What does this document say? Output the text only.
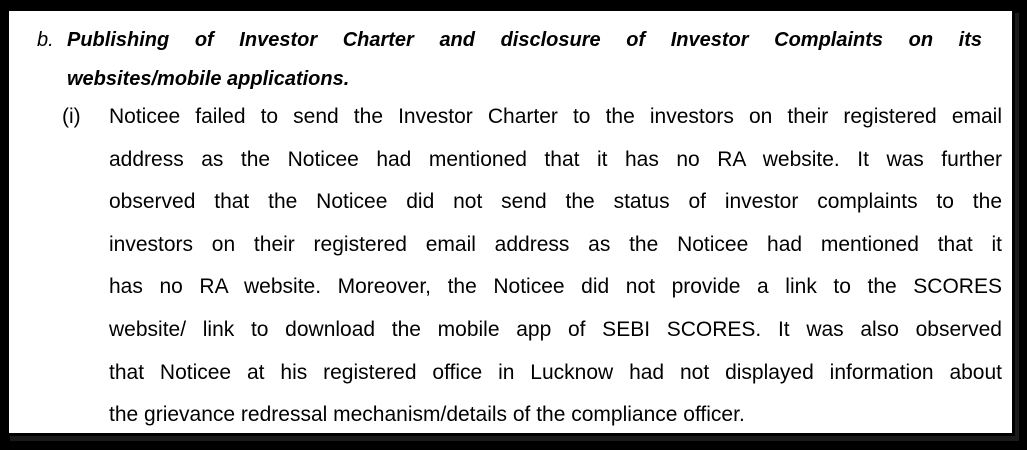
b. Publishing of Investor Charter and disclosure of Investor Complaints on its
websites/mobile applications.
(i) Noticee failed to send the Investor Charter to the investors on their registered email
address as the Noticee had mentioned that it has no RA website. It was further
observed that the Noticee did not send the status of investor complaints to the
investors on their registered email address as the Noticee had mentioned that it
has no RA website. Moreover, the Noticee did not provide a link to the SCORES
website/ link to download the mobile app of SEBI SCORES. It was also observed
that Noticee at his registered office in Lucknow had not displayed information about
the grievance redressal mechanism/details of the compliance officer.
